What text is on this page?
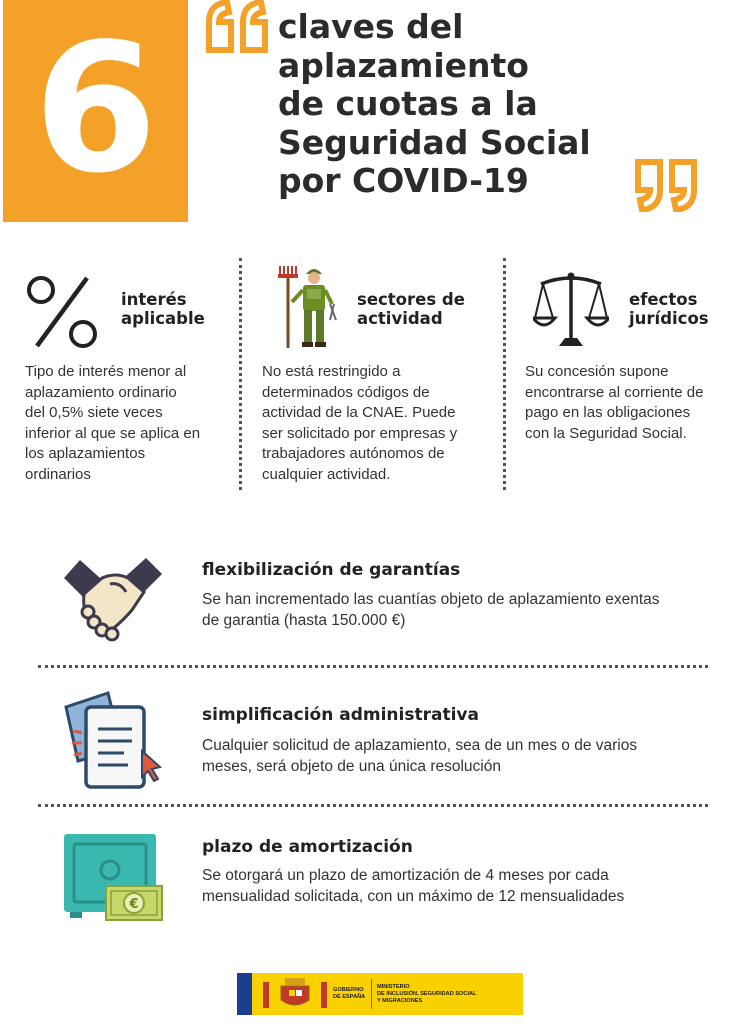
6	claves del
aplazamiento
de cuotas a la
Seguridad Social
por COVID-19
interés
aplicable
Tipo de interés menor al
aplazamiento ordinario
del 0,5% siete veces
inferior al que se aplica en
los aplazamientos
ordinarios
sectores de
actividad
No está restringido a
determinados códigos de
actividad de la CNAE. Puede
ser solicitado por empresas y
trabajadores autónomos de
cualquier actividad.
efectos
jurídicos
Su concesión supone
encontrarse al corriente de
pago en las obligaciones
con la Seguridad Social.
flexibilización de garantías
Se han incrementado las cuantías objeto de aplazamiento exentas
de garantia (hasta 150.000 €)
simplificación administrativa
Cualquier solicitud de aplazamiento, sea de un mes o de varios
meses, será objeto de una única resolución
€
plazo de amortización
Se otorgará un plazo de amortización de 4 meses por cada
mensualidad solicitada, con un máximo de 12 mensualidades
GOBIERNO
DE ESPAÑA
MINISTERIO
DE INCLUSIÓN, SEGURIDAD SOCIAL
Y MIGRACIONES
